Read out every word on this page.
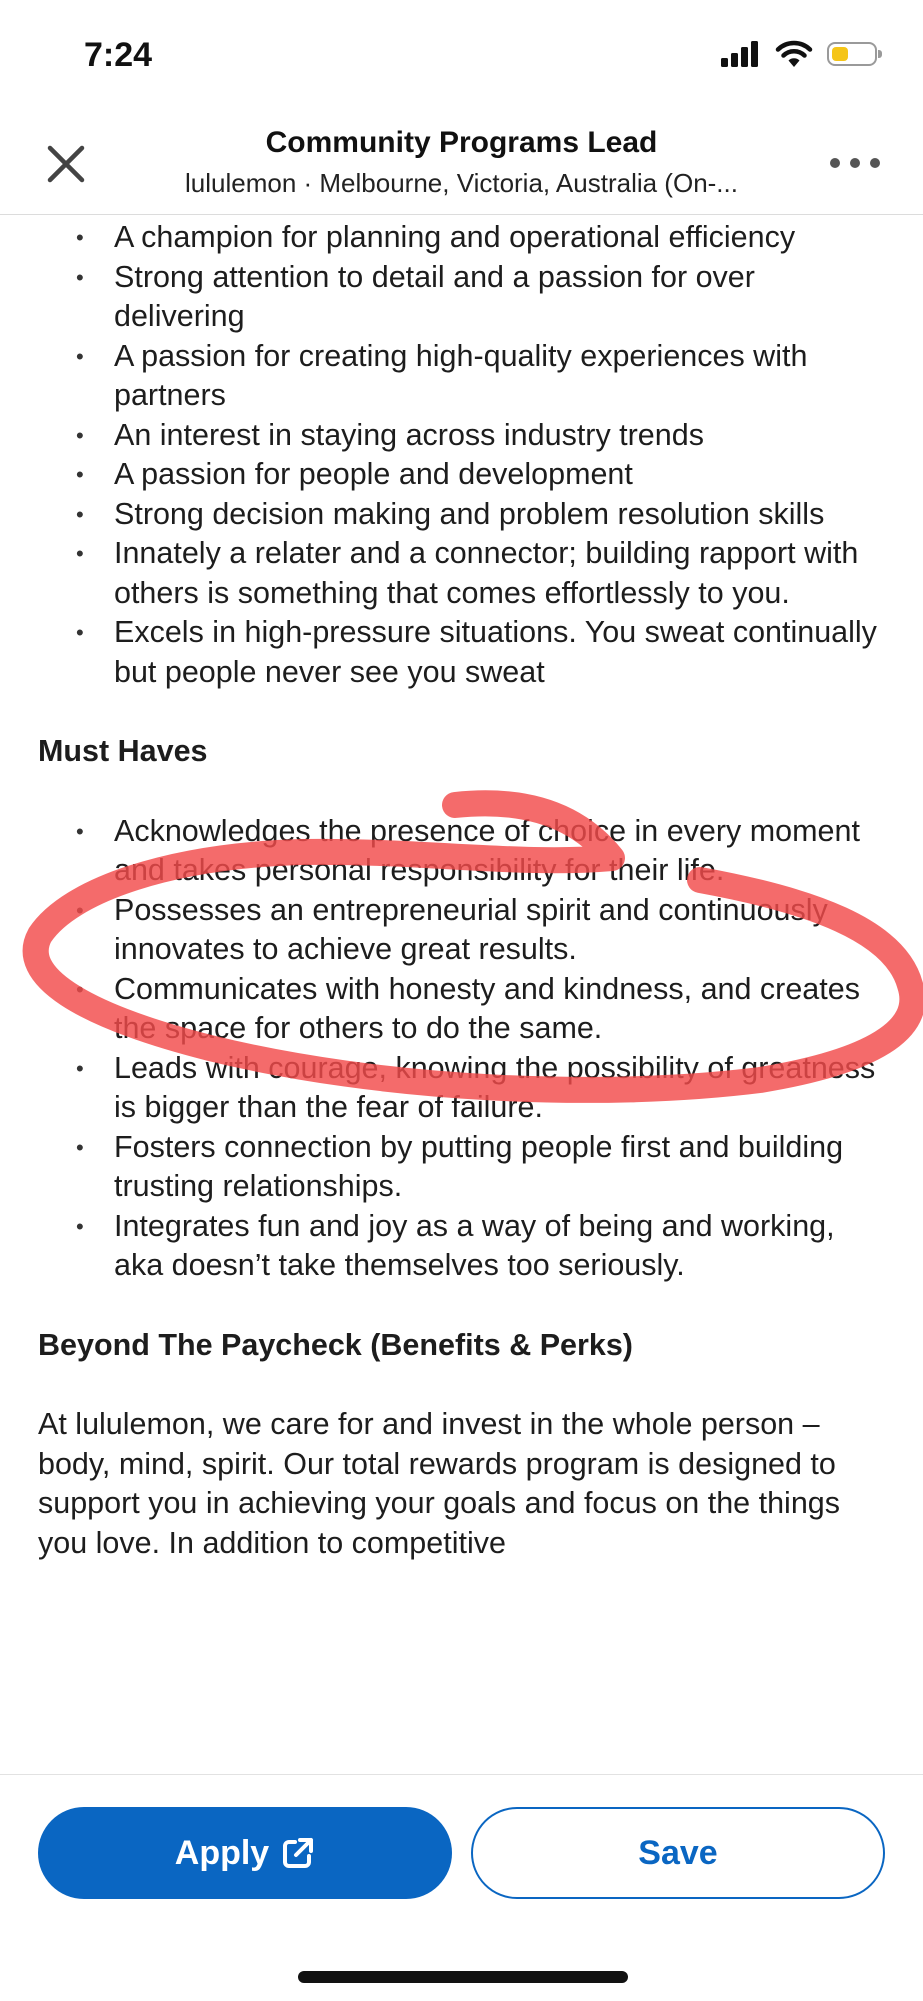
7:24
Community Programs Lead
lululemon · Melbourne, Victoria, Australia (On-...
• A champion for planning and operational efficiency
• Strong attention to detail and a passion for over delivering
• A passion for creating high-quality experiences with partners
• An interest in staying across industry trends
• A passion for people and development
• Strong decision making and problem resolution skills
• Innately a relater and a connector; building rapport with others is something that comes effortlessly to you.
• Excels in high-pressure situations. You sweat continually but people never see you sweat
Must Haves
• Acknowledges the presence of choice in every moment and takes personal responsibility for their life.
• Possesses an entrepreneurial spirit and continuously innovates to achieve great results.
• Communicates with honesty and kindness, and creates the space for others to do the same.
• Leads with courage, knowing the possibility of greatness is bigger than the fear of failure.
• Fosters connection by putting people first and building trusting relationships.
• Integrates fun and joy as a way of being and working, aka doesn’t take themselves too seriously.
Beyond The Paycheck (Benefits & Perks)
At lululemon, we care for and invest in the whole person – body, mind, spirit. Our total rewards program is designed to support you in achieving your goals and focus on the things you love. In addition to competitive
Apply	Save
